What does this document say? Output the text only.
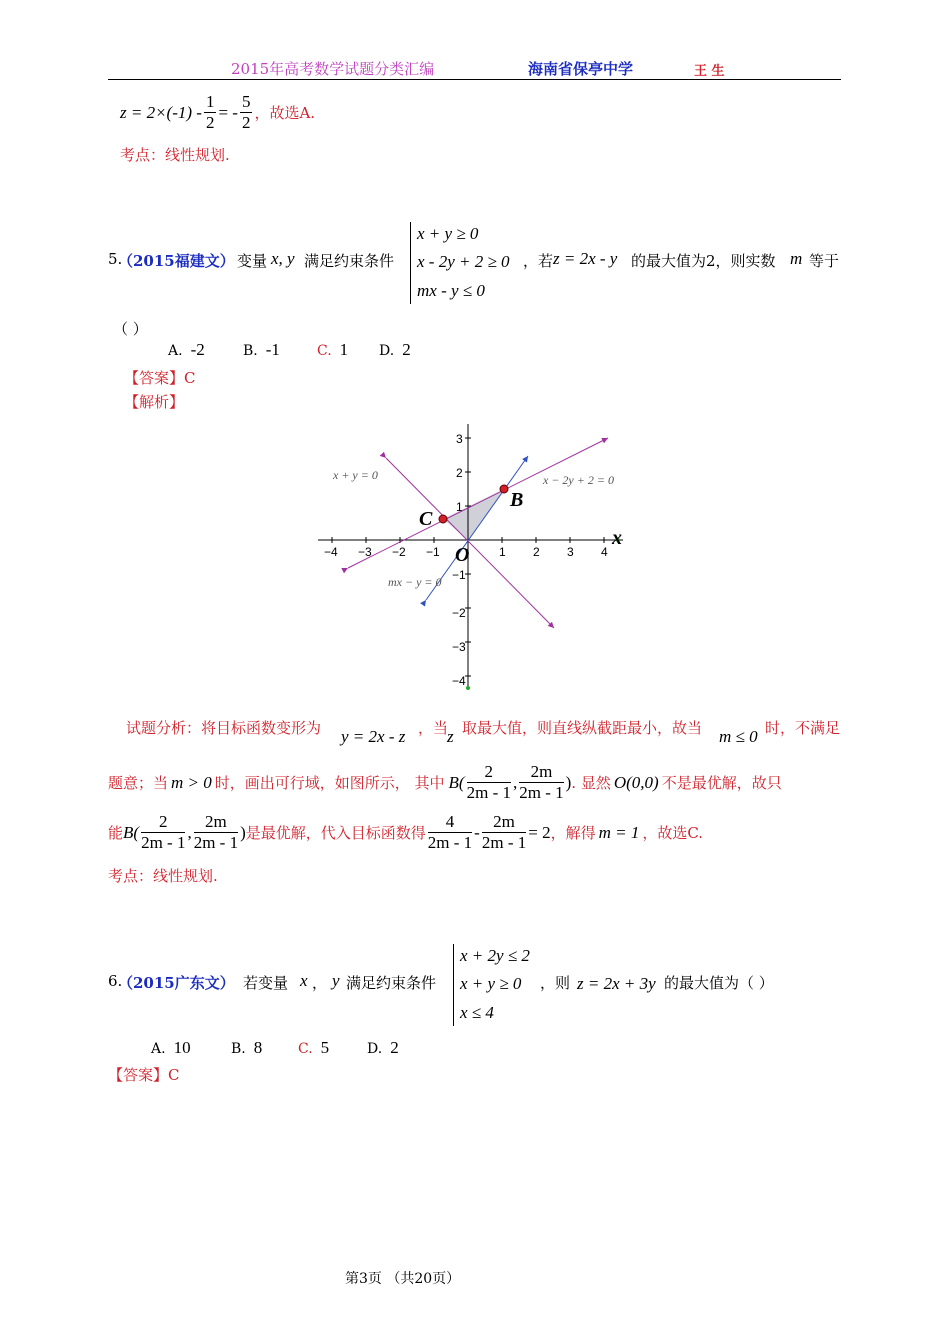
2015年高考数学试题分类汇编	海南省保亭中学	王 生
$z = 2\times(-1) - \frac{1}{2}$ = - $\frac{5}{2}$ ，故选A.
考点：线性规划.
5.
（2015福建文） 变量 x, y 满足约束条件
x + y ≥ 0
x - 2y + 2 ≥ 0
mx - y ≤ 0
，若 z = 2x - y 的最大值为2，则实数 m 等于
（ ）
A. -2	B. -1	C. 1 D. 2
【答案】C
【解析】
−4 −3 −2 −1	1 2 3 4
3
2
1
−1
−2
−3
−4
x + y = 0	x − 2y + 2 = 0
mx − y = 0
B
C
O
x
试题分析：将目标函数变形为 y = 2x - z ，当
z 取最大值，则直线纵截距最小，故当 m ≤ 0 时，不满足
题意；当 m > 0 时，画出可行域，如图所示， 其中 $B( \frac{2}{2m - 1}$ , $\frac{2m}{2m - 1}$ ) . 显然 O(0,0) 不是最优解，故只
能 $B( \frac{2}{2m - 1}$ , $\frac{2m}{2m - 1}$ ) 是最优解，代入目标函数得 $\frac{4}{2m - 1} - \frac{2m}{2m - 1} = 2$ ，解得 m = 1 ，故选C.
考点：线性规划.
6.
（2015广东文） 若变量 x ， y 满足约束条件
x + 2y ≤ 2
x + y ≥ 0
x ≤ 4
，则 z = 2x + 3y 的最大值为（ ）
A. 10	B. 8	C. 5	D. 2
【答案】C
第3页 （共20页）
